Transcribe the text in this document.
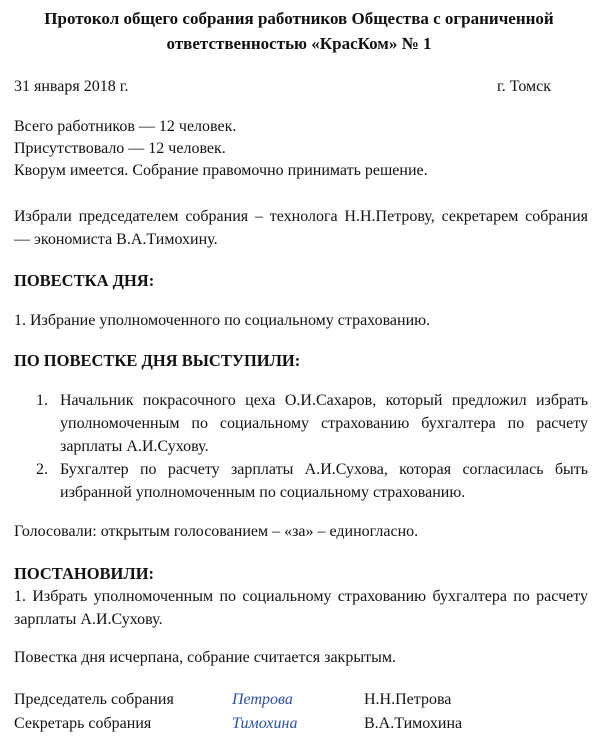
Протокол общего собрания работников Общества с ограниченной ответственностью «КрасКом» № 1
31 января 2018 г.	г. Томск
Всего работников — 12 человек.
Присутствовало — 12 человек.
Кворум имеется. Собрание правомочно принимать решение.
Избрали председателем собрания – технолога Н.Н.Петрову, секретарем собрания — экономиста В.А.Тимохину.
ПОВЕСТКА ДНЯ:
1. Избрание уполномоченного по социальному страхованию.
ПО ПОВЕСТКЕ ДНЯ ВЫСТУПИЛИ:
1. Начальник покрасочного цеха О.И.Сахаров, который предложил избрать уполномоченным по социальному страхованию бухгалтера по расчету зарплаты А.И.Сухову.
2. Бухгалтер по расчету зарплаты А.И.Сухова, которая согласилась быть избранной уполномоченным по социальному страхованию.
Голосовали: открытым голосованием – «за» – единогласно.
ПОСТАНОВИЛИ:
1. Избрать уполномоченным по социальному страхованию бухгалтера по расчету зарплаты А.И.Сухову.
Повестка дня исчерпана, собрание считается закрытым.
Председатель собрания	Петрова	Н.Н.Петрова
Секретарь собрания	Тимохина	В.А.Тимохина
